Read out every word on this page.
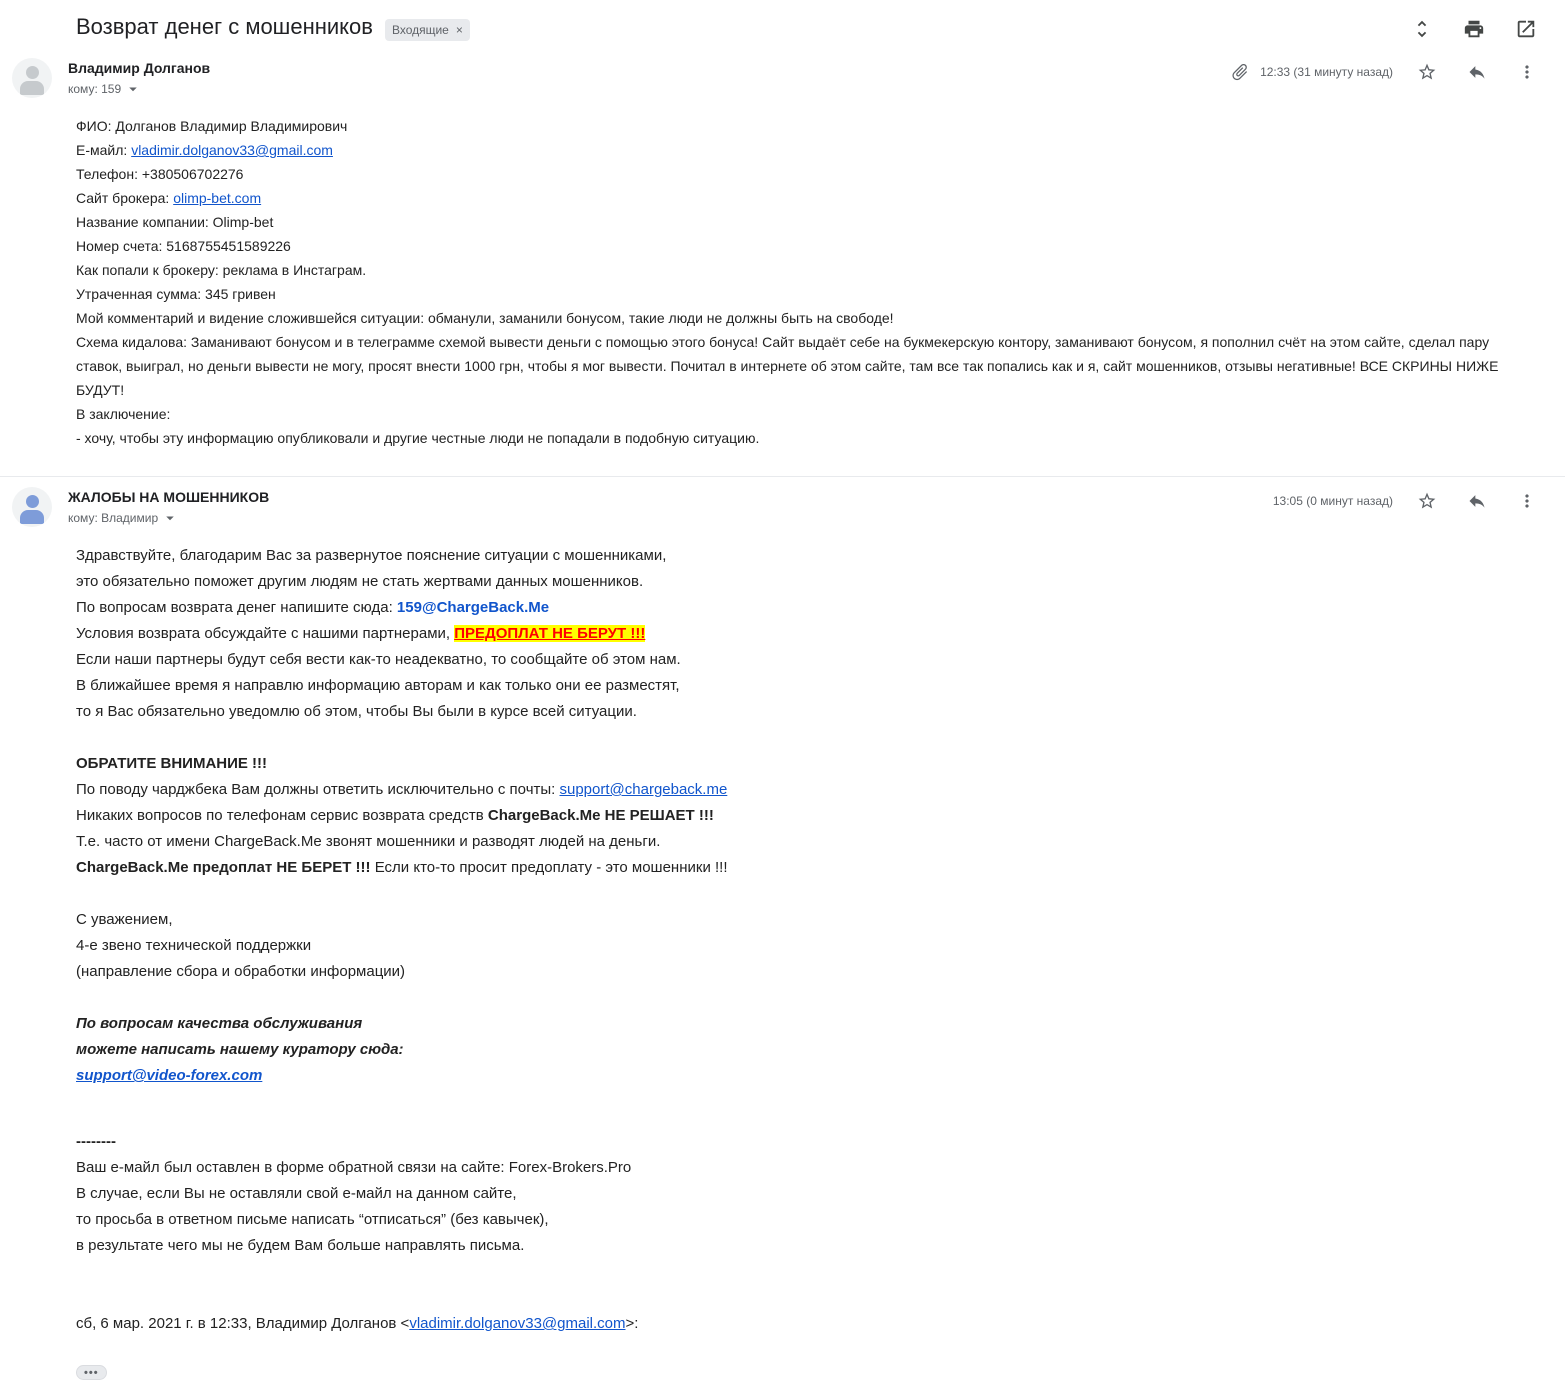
Возврат денег с мошенников Входящие ×
Владимир Долганов
кому: 159
12:33 (31 минуту назад)
ФИО: Долганов Владимир Владимирович
Е-майл: vladimir.dolganov33@gmail.com
Телефон: +380506702276
Сайт брокера: olimp-bet.com
Название компании: Olimp-bet
Номер счета: 5168755451589226
Как попали к брокеру: реклама в Инстаграм.
Утраченная сумма: 345 гривен
Мой комментарий и видение сложившейся ситуации: обманули, заманили бонусом, такие люди не должны быть на свободе!
Схема кидалова: Заманивают бонусом и в телеграмме схемой вывести деньги с помощью этого бонуса! Сайт выдаёт себе на букмекерскую контору, заманивают бонусом, я пополнил счёт на этом сайте, сделал пару ставок, выиграл, но деньги вывести не могу, просят внести 1000 грн, чтобы я мог вывести. Почитал в интернете об этом сайте, там все так попались как и я, сайт мошенников, отзывы негативные! ВСЕ СКРИНЫ НИЖЕ БУДУТ!
В заключение:
- хочу, чтобы эту информацию опубликовали и другие честные люди не попадали в подобную ситуацию.
ЖАЛОБЫ НА МОШЕННИКОВ
кому: Владимир
13:05 (0 минут назад)
Здравствуйте, благодарим Вас за развернутое пояснение ситуации с мошенниками,
это обязательно поможет другим людям не стать жертвами данных мошенников.
По вопросам возврата денег напишите сюда: 159@ChargeBack.Me
Условия возврата обсуждайте с нашими партнерами, ПРЕДОПЛАТ НЕ БЕРУТ !!!
Если наши партнеры будут себя вести как-то неадекватно, то сообщайте об этом нам.
В ближайшее время я направлю информацию авторам и как только они ее разместят,
то я Вас обязательно уведомлю об этом, чтобы Вы были в курсе всей ситуации.
ОБРАТИТЕ ВНИМАНИЕ !!!
По поводу чарджбека Вам должны ответить исключительно с почты: support@chargeback.me
Никаких вопросов по телефонам сервис возврата средств ChargeBack.Me НЕ РЕШАЕТ !!!
Т.е. часто от имени ChargeBack.Me звонят мошенники и разводят людей на деньги.
ChargeBack.Me предоплат НЕ БЕРЕТ !!! Если кто-то просит предоплату - это мошенники !!!
С уважением,
4-е звено технической поддержки
(направление сбора и обработки информации)
По вопросам качества обслуживания
можете написать нашему куратору сюда:
support@video-forex.com
--------
Ваш е-майл был оставлен в форме обратной связи на сайте: Forex-Brokers.Pro
В случае, если Вы не оставляли свой е-майл на данном сайте,
то просьба в ответном письме написать “отписаться” (без кавычек),
в результате чего мы не будем Вам больше направлять письма.
сб, 6 мар. 2021 г. в 12:33, Владимир Долганов <vladimir.dolganov33@gmail.com>:
•••
